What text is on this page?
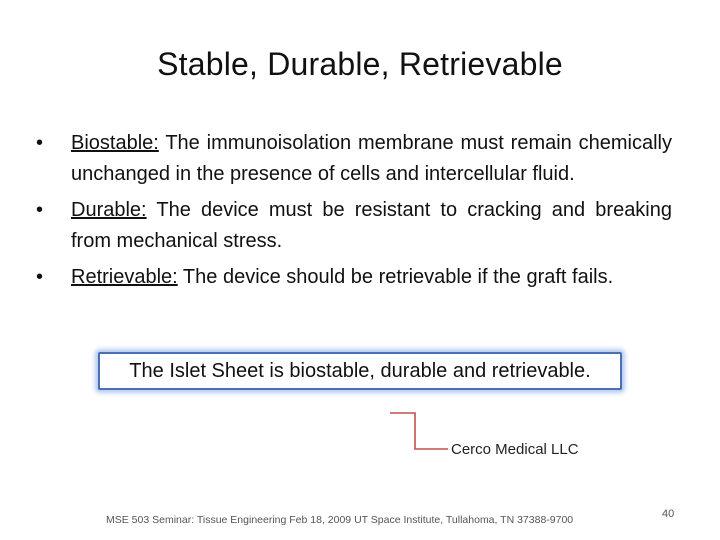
Stable, Durable, Retrievable
•	Biostable: The immunoisolation membrane must remain chemically unchanged in the presence of cells and intercellular fluid.
•	Durable: The device must be resistant to cracking and breaking from mechanical stress.
•	Retrievable: The device should be retrievable if the graft fails.
The Islet Sheet is biostable, durable and retrievable.
Cerco Medical LLC
MSE 503 Seminar: Tissue Engineering Feb 18, 2009 UT Space Institute, Tullahoma, TN 37388-9700	40
